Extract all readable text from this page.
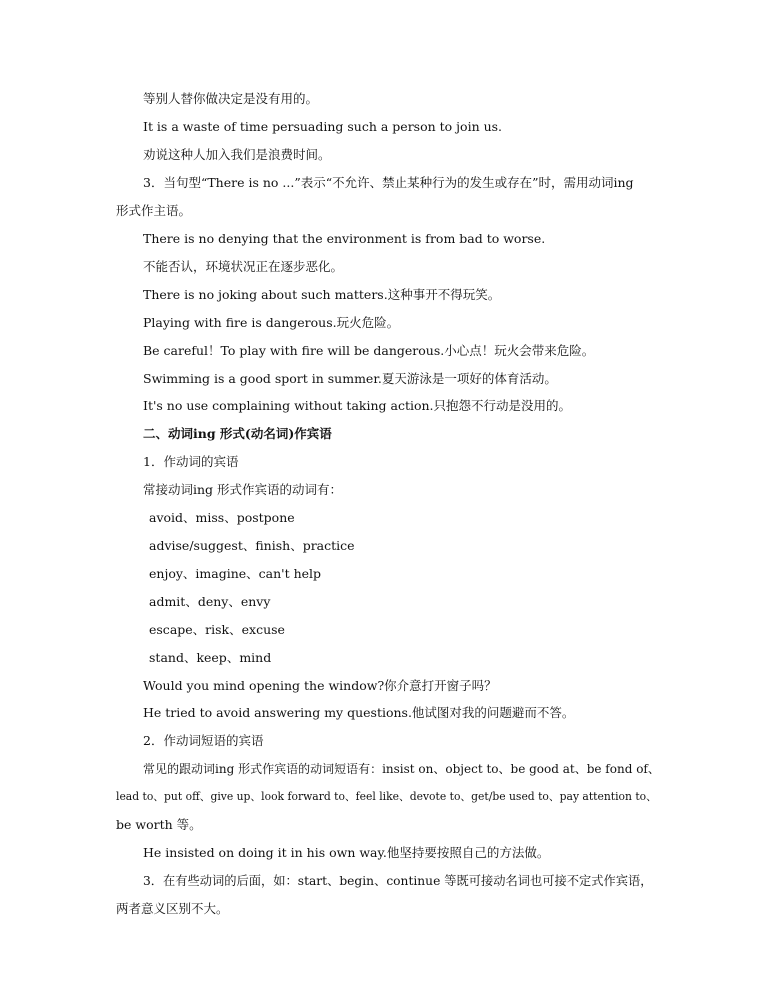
等别人替你做决定是没有用的。
It is a waste of time persuading such a person to join us.
劝说这种人加入我们是浪费时间。
3．当句型“There is no ...”表示“不允许、禁止某种行为的发生或存在”时，需用动词ing
形式作主语。
There is no denying that the environment is from bad to worse.
不能否认，环境状况正在逐步恶化。
There is no joking about such matters.这种事开不得玩笑。
Playing with fire is dangerous.玩火危险。
Be careful！To play with fire will be dangerous.小心点！玩火会带来危险。
Swimming is a good sport in summer.夏天游泳是一项好的体育活动。
It's no use complaining without taking action.只抱怨不行动是没用的。
二、动词ing 形式(动名词)作宾语
1．作动词的宾语
常接动词ing 形式作宾语的动词有：
avoid、miss、postpone
advise/suggest、finish、practice
enjoy、imagine、can't help
admit、deny、envy
escape、risk、excuse
stand、keep、mind
Would you mind opening the window?你介意打开窗子吗？
He tried to avoid answering my questions.他试图对我的问题避而不答。
2．作动词短语的宾语
常见的跟动词ing 形式作宾语的动词短语有：insist on、object to、be good at、be fond of、
lead to、put off、give up、look forward to、feel like、devote to、get/be used to、pay attention to、
be worth 等。
He insisted on doing it in his own way.他坚持要按照自己的方法做。
3．在有些动词的后面，如：start、begin、continue 等既可接动名词也可接不定式作宾语，
两者意义区别不大。
